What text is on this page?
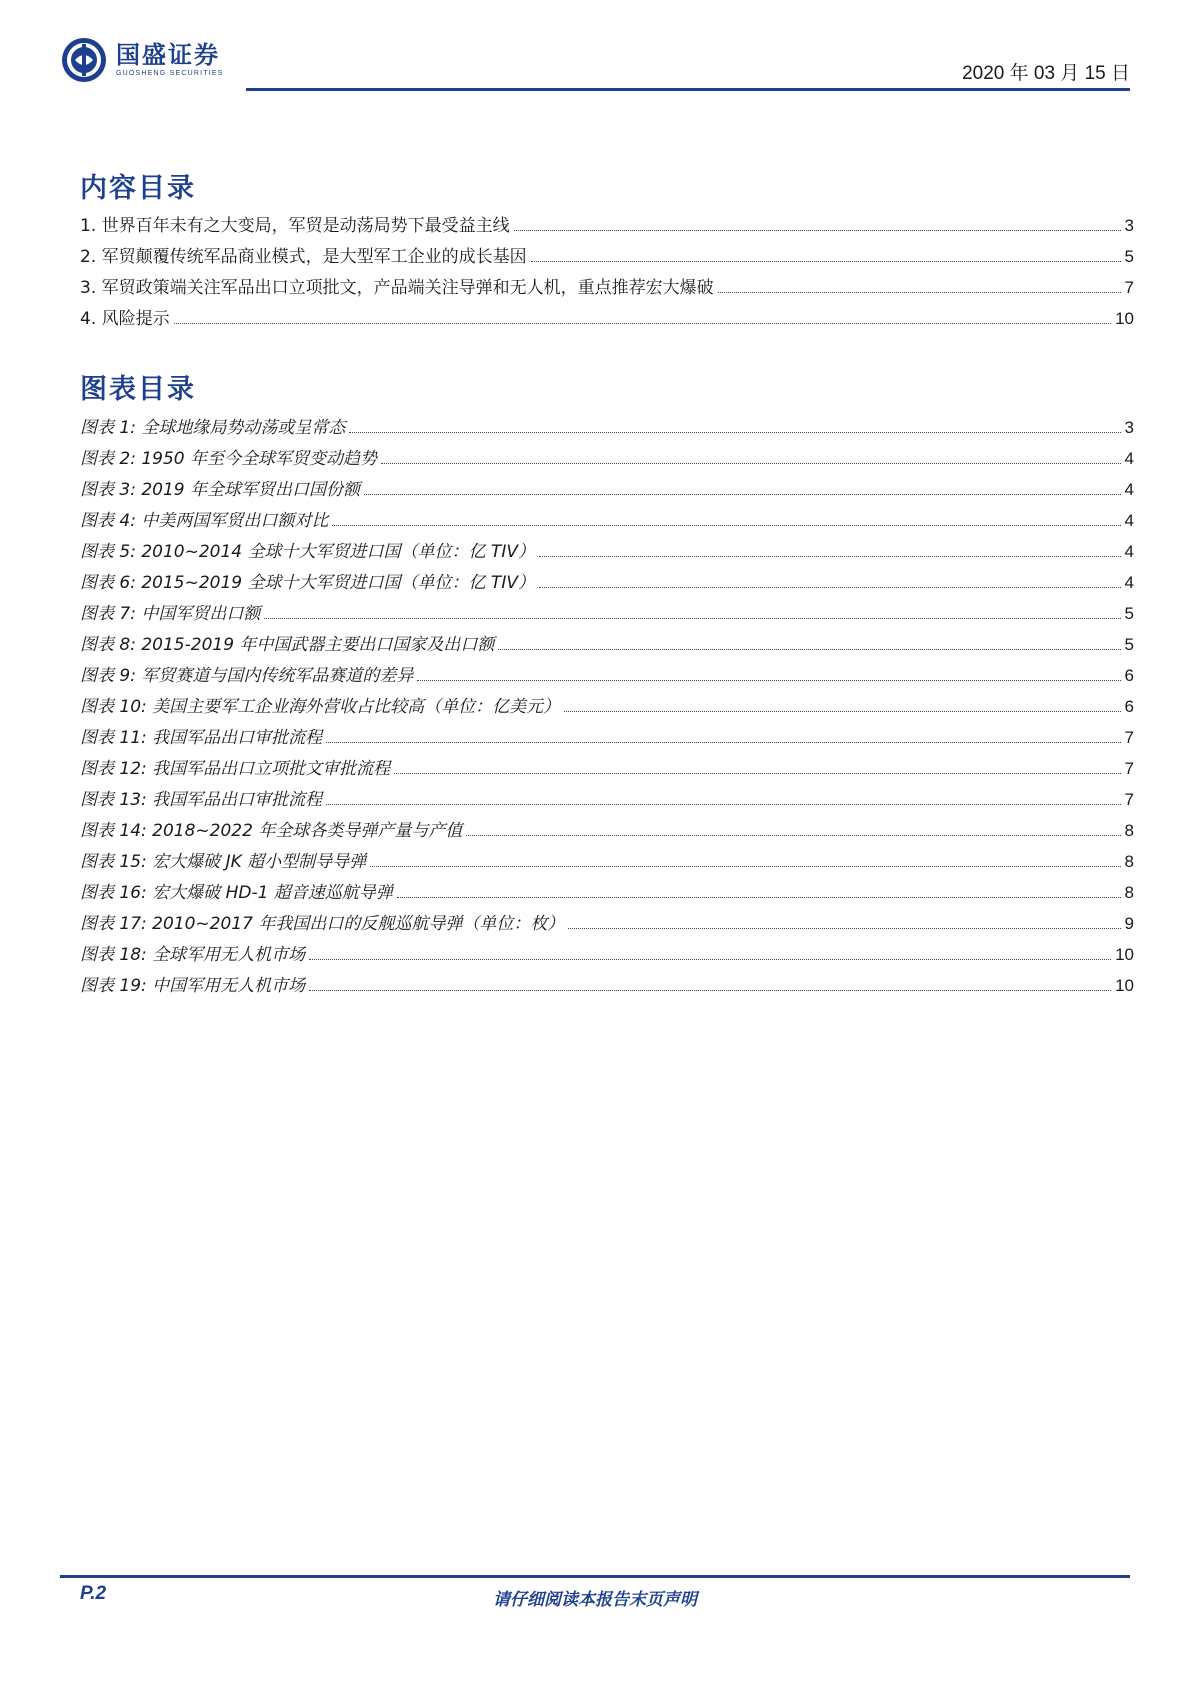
国盛证券
GUOSHENG SECURITIES	2020 年 03 月 15 日
内容目录
1. 世界百年未有之大变局，军贸是动荡局势下最受益主线	3
2. 军贸颠覆传统军品商业模式，是大型军工企业的成长基因	5
3. 军贸政策端关注军品出口立项批文，产品端关注导弹和无人机，重点推荐宏大爆破	7
4. 风险提示	10
图表目录
图表 1: 全球地缘局势动荡或呈常态	3
图表 2: 1950 年至今全球军贸变动趋势	4
图表 3: 2019 年全球军贸出口国份额	4
图表 4: 中美两国军贸出口额对比	4
图表 5: 2010~2014 全球十大军贸进口国（单位：亿 TIV）	4
图表 6: 2015~2019 全球十大军贸进口国（单位：亿 TIV）	4
图表 7: 中国军贸出口额	5
图表 8: 2015-2019 年中国武器主要出口国家及出口额	5
图表 9: 军贸赛道与国内传统军品赛道的差异	6
图表 10: 美国主要军工企业海外营收占比较高（单位：亿美元）	6
图表 11: 我国军品出口审批流程	7
图表 12: 我国军品出口立项批文审批流程	7
图表 13: 我国军品出口审批流程	7
图表 14: 2018~2022 年全球各类导弹产量与产值	8
图表 15: 宏大爆破 JK 超小型制导导弹	8
图表 16: 宏大爆破 HD-1 超音速巡航导弹	8
图表 17: 2010~2017 年我国出口的反舰巡航导弹（单位：枚）	9
图表 18: 全球军用无人机市场	10
图表 19: 中国军用无人机市场	10
P.2	请仔细阅读本报告末页声明
